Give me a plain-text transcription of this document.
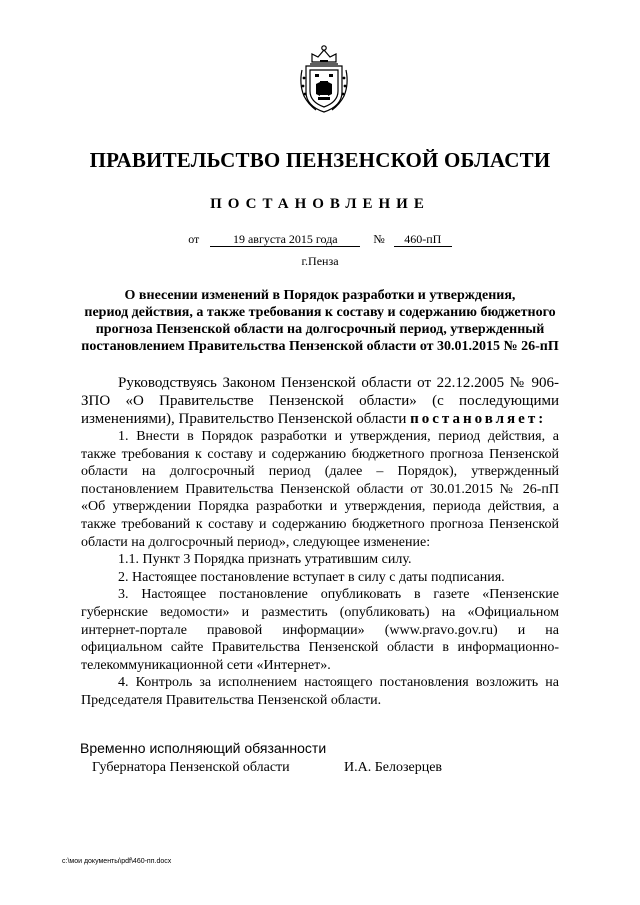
ПРАВИТЕЛЬСТВО ПЕНЗЕНСКОЙ ОБЛАСТИ
ПОСТАНОВЛЕНИЕ
от	19 августа 2015 года	№ 460-пП
г.Пенза
О внесении изменений в Порядок разработки и утверждения,
период действия, а также требования к составу и содержанию бюджетного
прогноза Пензенской области на долгосрочный период, утвержденный
постановлением Правительства Пензенской области от 30.01.2015 № 26-пП

Руководствуясь Законом Пензенской области от 22.12.2005 № 906-ЗПО «О Правительстве Пензенской области» (с последующими изменениями), Правительство Пензенской области постановляет:

1. Внести в Порядок разработки и утверждения, период действия, а также требования к составу и содержанию бюджетного прогноза Пензенской области на долгосрочный период (далее – Порядок), утвержденный постановлением Правительства Пензенской области от 30.01.2015 № 26-пП «Об утверждении Порядка разработки и утверждения, периода действия, а также требований к составу и содержанию бюджетного прогноза Пензенской области на долгосрочный период», следующее изменение:

1.1. Пункт 3 Порядка признать утратившим силу.

2. Настоящее постановление вступает в силу с даты подписания.

3. Настоящее постановление опубликовать в газете «Пензенские губернские ведомости» и разместить (опубликовать) на «Официальном интернет-портале правовой информации» (www.pravo.gov.ru) и на официальном сайте Правительства Пензенской области в информационно-телекоммуникационной сети «Интернет».

4. Контроль за исполнением настоящего постановления возложить на Председателя Правительства Пензенской области.

Временно исполняющий обязанности
Губернатора Пензенской области	И.А. Белозерцев
c:\мои документы\pdf\460-пп.docx
